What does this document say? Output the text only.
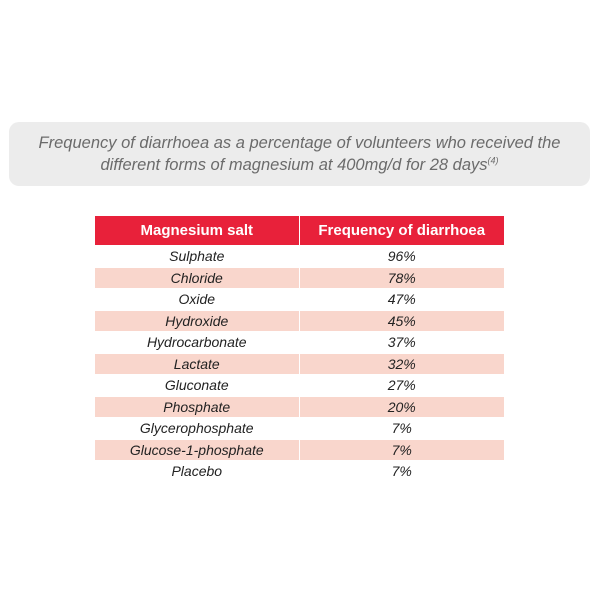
Frequency of diarrhoea as a percentage of volunteers who received the different forms of magnesium at 400mg/d for 28 days$^{(4)}$
Magnesium salt	Frequency of diarrhoea
Sulphate	96%
Chloride	78%
Oxide	47%
Hydroxide	45%
Hydrocarbonate	37%
Lactate	32%
Gluconate	27%
Phosphate	20%
Glycerophosphate	7%
Glucose-1-phosphate	7%
Placebo	7%
